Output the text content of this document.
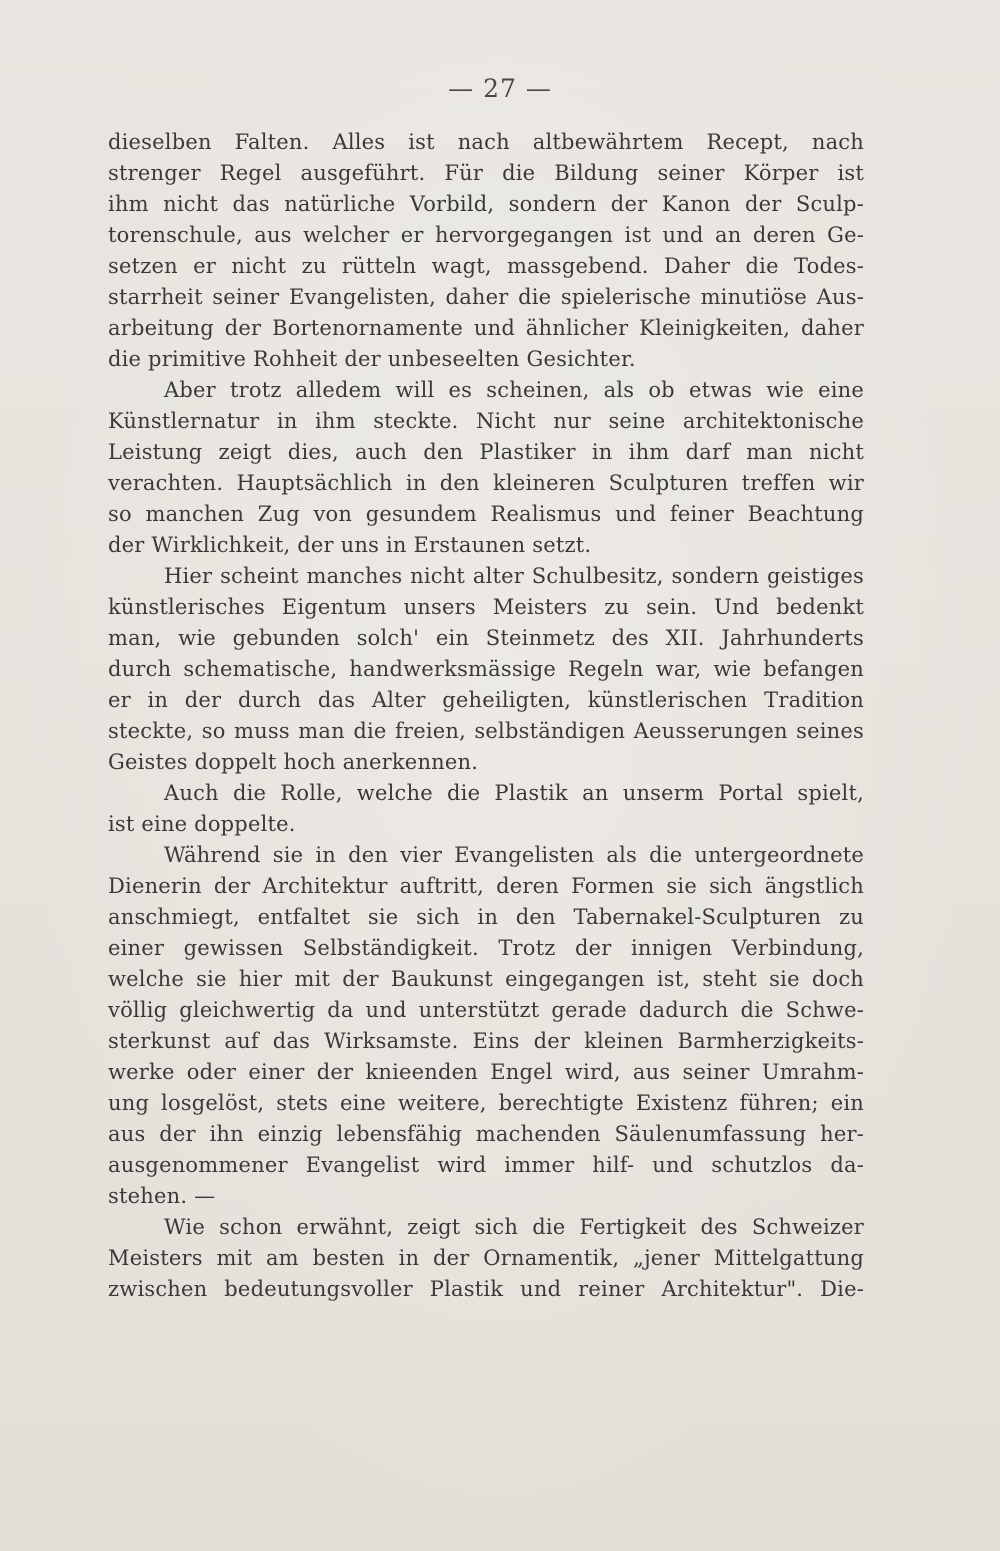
— 27 —
dieselben Falten. Alles ist nach altbewährtem Recept, nach
strenger Regel ausgeführt. Für die Bildung seiner Körper ist
ihm nicht das natürliche Vorbild, sondern der Kanon der Sculp-
torenschule, aus welcher er hervorgegangen ist und an deren Ge-
setzen er nicht zu rütteln wagt, massgebend. Daher die Todes-
starrheit seiner Evangelisten, daher die spielerische minutiöse Aus-
arbeitung der Bortenornamente und ähnlicher Kleinigkeiten, daher
die primitive Rohheit der unbeseelten Gesichter.
Aber trotz alledem will es scheinen, als ob etwas wie eine
Künstlernatur in ihm steckte. Nicht nur seine architektonische
Leistung zeigt dies, auch den Plastiker in ihm darf man nicht
verachten. Hauptsächlich in den kleineren Sculpturen treffen wir
so manchen Zug von gesundem Realismus und feiner Beachtung
der Wirklichkeit, der uns in Erstaunen setzt.
Hier scheint manches nicht alter Schulbesitz, sondern geistiges
künstlerisches Eigentum unsers Meisters zu sein. Und bedenkt
man, wie gebunden solch' ein Steinmetz des XII. Jahrhunderts
durch schematische, handwerksmässige Regeln war, wie befangen
er in der durch das Alter geheiligten, künstlerischen Tradition
steckte, so muss man die freien, selbständigen Aeusserungen seines
Geistes doppelt hoch anerkennen.
Auch die Rolle, welche die Plastik an unserm Portal spielt,
ist eine doppelte.
Während sie in den vier Evangelisten als die untergeordnete
Dienerin der Architektur auftritt, deren Formen sie sich ängstlich
anschmiegt, entfaltet sie sich in den Tabernakel-Sculpturen zu
einer gewissen Selbständigkeit. Trotz der innigen Verbindung,
welche sie hier mit der Baukunst eingegangen ist, steht sie doch
völlig gleichwertig da und unterstützt gerade dadurch die Schwe-
sterkunst auf das Wirksamste. Eins der kleinen Barmherzigkeits-
werke oder einer der knieenden Engel wird, aus seiner Umrahm-
ung losgelöst, stets eine weitere, berechtigte Existenz führen; ein
aus der ihn einzig lebensfähig machenden Säulenumfassung her-
ausgenommener Evangelist wird immer hilf- und schutzlos da-
stehen. —
Wie schon erwähnt, zeigt sich die Fertigkeit des Schweizer
Meisters mit am besten in der Ornamentik, „jener Mittelgattung
zwischen bedeutungsvoller Plastik und reiner Architektur". Die-
